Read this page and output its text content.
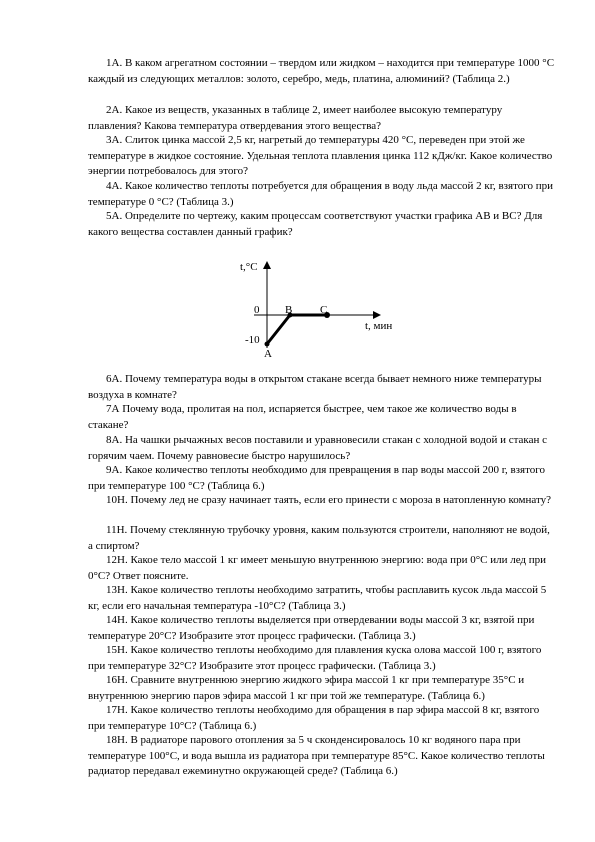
1А. В каком агрегатном состоянии – твердом или жидком – находится при температуре 1000 °С каждый из следующих металлов: золото, серебро, медь, платина, алюминий? (Таблица 2.)

2А. Какое из веществ, указанных в таблице 2, имеет наиболее высокую температуру плавления? Какова температура отвердевания этого вещества?

3А. Слиток цинка массой 2,5 кг, нагретый до температуры 420 °С, переведен при этой же температуре в жидкое состояние. Удельная теплота плавления цинка 112 кДж/кг. Какое количество энергии потребовалось для этого?

4А. Какое количество теплоты потребуется для обращения в воду льда массой 2 кг, взятого при температуре 0 °С? (Таблица 3.)

5А. Определите по чертежу, каким процессам соответствуют участки графика АВ и ВС? Для какого вещества составлен данный график?

t,°С
t, мин
0
-10
A
B	C

6А. Почему температура воды в открытом стакане всегда бывает немного ниже температуры воздуха в комнате?

7А Почему вода, пролитая на пол, испаряется быстрее, чем такое же количество воды в стакане?

8А. На чашки рычажных весов поставили и уравновесили стакан с холодной водой и стакан с горячим чаем. Почему равновесие быстро нарушилось?

9А. Какое количество теплоты необходимо для превращения в пар воды массой 200 г, взятого при температуре 100 °С? (Таблица 6.)

10Н. Почему лед не сразу начинает таять, если его принести с мороза в натопленную комнату?

11Н. Почему стеклянную трубочку уровня, каким пользуются строители, наполняют не водой, а спиртом?

12Н. Какое тело массой 1 кг имеет меньшую внутреннюю энергию: вода при 0°С или лед при 0°С? Ответ поясните.

13Н. Какое количество теплоты необходимо затратить, чтобы расплавить кусок льда массой 5 кг, если его начальная температура -10°С? (Таблица 3.)

14Н. Какое количество теплоты выделяется при отвердевании воды массой 3 кг, взятой при температуре 20°С? Изобразите этот процесс графически. (Таблица 3.)

15Н. Какое количество теплоты необходимо для плавления куска олова массой 100 г, взятого при температуре 32°С? Изобразите этот процесс графически. (Таблица 3.)

16Н. Сравните внутреннюю энергию жидкого эфира массой 1 кг при температуре 35°С и внутреннюю энергию паров эфира массой 1 кг при той же температуре. (Таблица 6.)

17Н. Какое количество теплоты необходимо для обращения в пар эфира массой 8 кг, взятого при температуре 10°С? (Таблица 6.)

18Н. В радиаторе парового отопления за 5 ч сконденсировалось 10 кг водяного пара при температуре 100°С, и вода вышла из радиатора при температуре 85°С. Какое количество теплоты радиатор передавал ежеминутно окружающей среде? (Таблица 6.)
